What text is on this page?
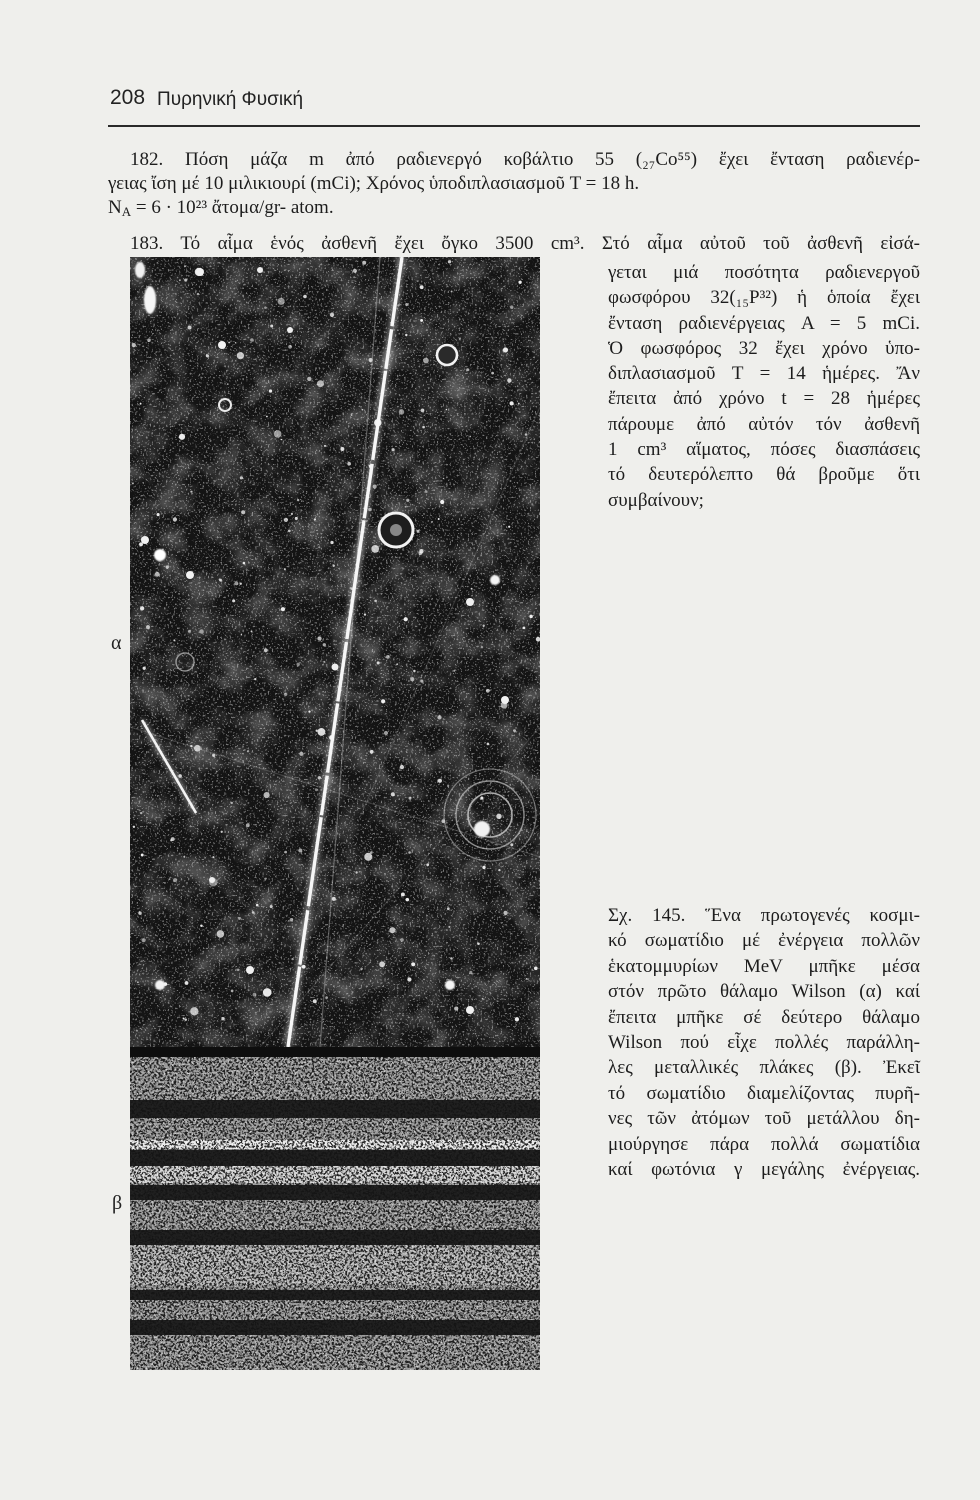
208 Πυρηνική Φυσική
182. Πόση μάζα m ἀπό ραδιενεργό κοβάλτιο 55 (₂₇Co⁵⁵) ἔχει ἔνταση ραδιενέρ-
γειας ἴση μέ 10 μιλικιουρί (mCi); Χρόνος ὑποδιπλασιασμοῦ T = 18 h.
$N_A = 6 \cdot 10^{23}$ ἄτομα/gr- atom.
183. Τό αἷμα ἑνός ἀσθενῆ ἔχει ὄγκο 3500 cm³. Στό αἷμα αὐτοῦ τοῦ ἀσθενῆ εἰσά-
γεται μιά ποσότητα ραδιενεργοῦ
φωσφόρου 32(₁₅P³²) ἡ ὁποία ἔχει
ἔνταση ραδιενέργειας A = 5 mCi.
Ὁ φωσφόρος 32 ἔχει χρόνο ὑπο-
διπλασιασμοῦ T = 14 ἡμέρες. Ἄν
ἔπειτα ἀπό χρόνο t = 28 ἡμέρες
πάρουμε ἀπό αὐτόν τόν ἀσθενῆ
1 cm³ αἵματος, πόσες διασπάσεις
τό δευτερόλεπτο θά βροῦμε ὅτι
συμβαίνουν;
α
β
Σχ. 145. Ἕνα πρωτογενές κοσμι-
κό σωματίδιο μέ ἐνέργεια πολλῶν
ἑκατομμυρίων MeV μπῆκε μέσα
στόν πρῶτο θάλαμο Wilson (α) καί
ἔπειτα μπῆκε σέ δεύτερο θάλαμο
Wilson πού εἶχε πολλές παράλλη-
λες μεταλλικές πλάκες (β). Ἐκεῖ
τό σωματίδιο διαμελίζοντας πυρῆ-
νες τῶν ἀτόμων τοῦ μετάλλου δη-
μιούργησε πάρα πολλά σωματίδια
καί φωτόνια γ μεγάλης ἐνέργειας.
